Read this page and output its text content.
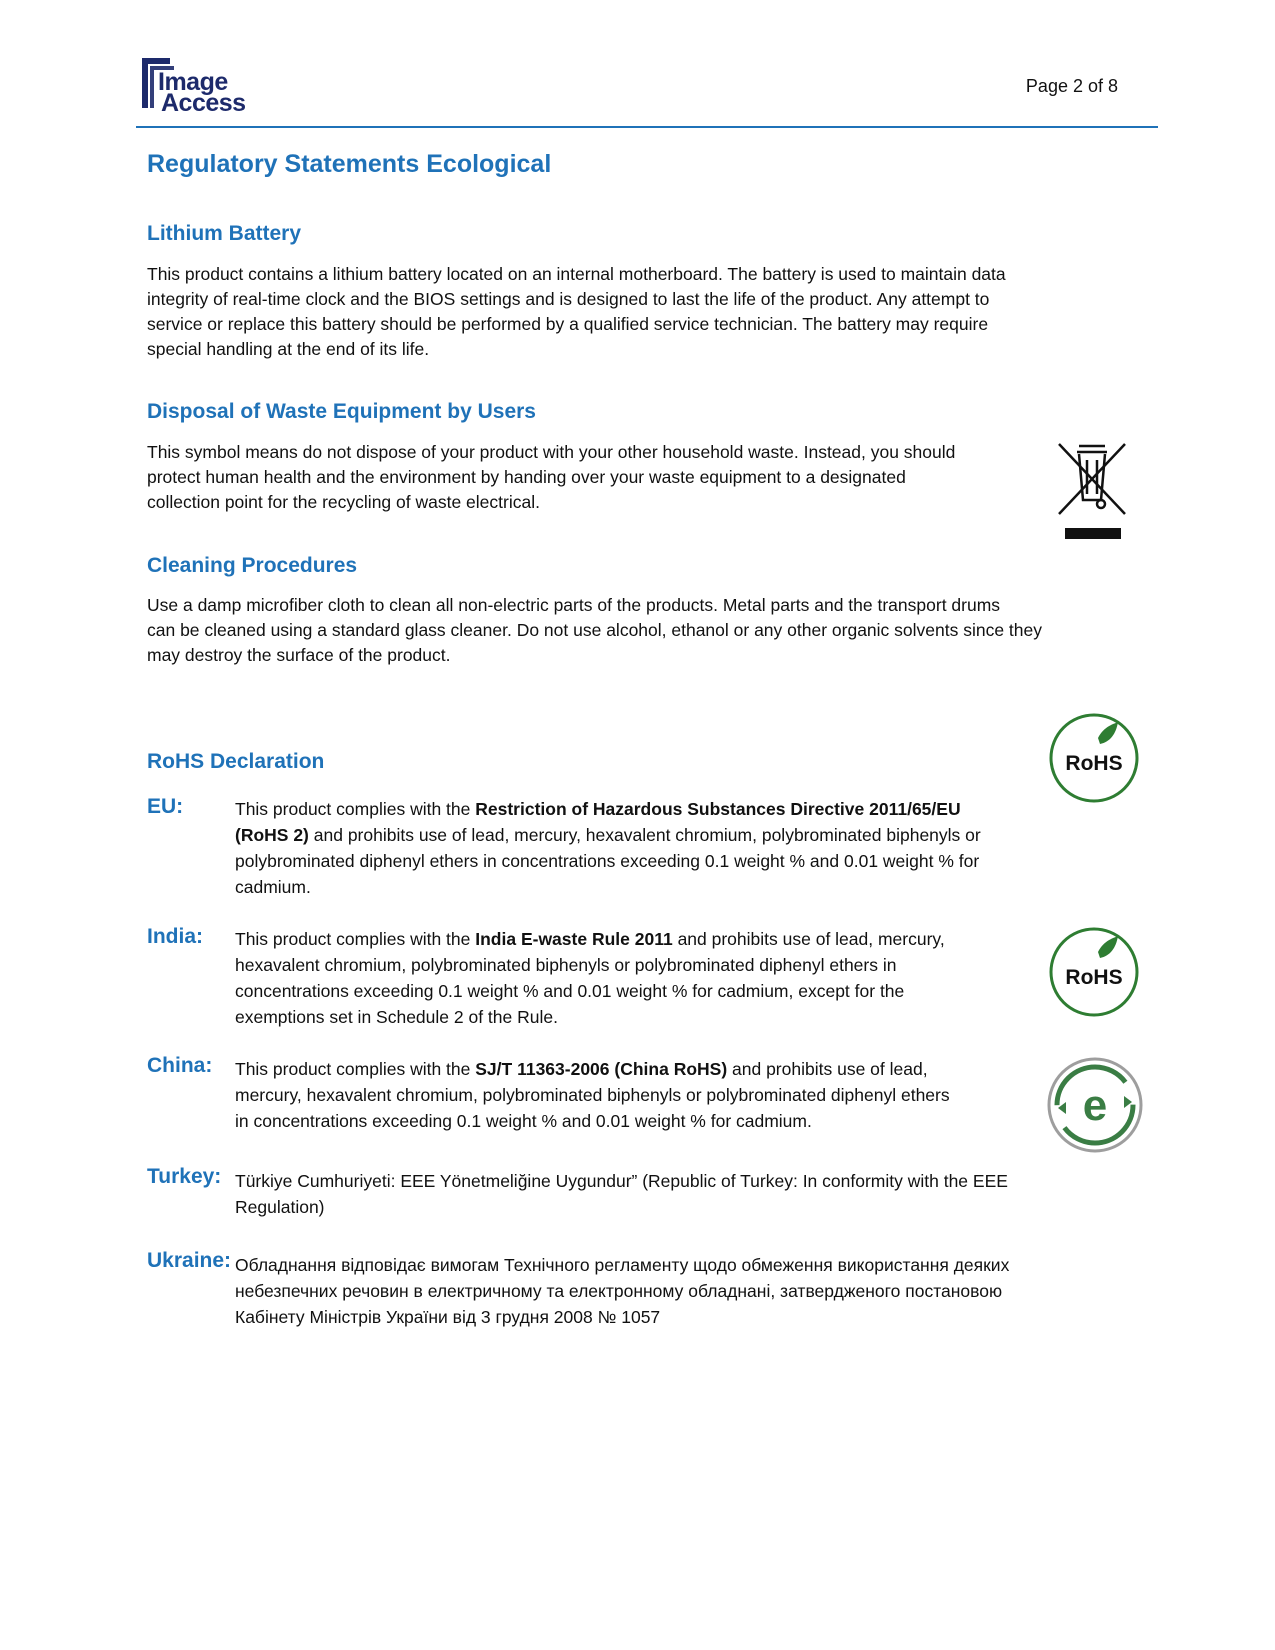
Image
Access
Page 2 of 8
Regulatory Statements Ecological
Lithium Battery

This product contains a lithium battery located on an internal motherboard. The battery is used to maintain data
integrity of real-time clock and the BIOS settings and is designed to last the life of the product. Any attempt to
service or replace this battery should be performed by a qualified service technician. The battery may require
special handling at the end of its life.

Disposal of Waste Equipment by Users

This symbol means do not dispose of your product with your other household waste. Instead, you should
protect human health and the environment by handing over your waste equipment to a designated
collection point for the recycling of waste electrical.

Cleaning Procedures

Use a damp microfiber cloth to clean all non-electric parts of the products. Metal parts and the transport drums
can be cleaned using a standard glass cleaner. Do not use alcohol, ethanol or any other organic solvents since they
may destroy the surface of the product.

RoHS Declaration	RoHS
EU:	This product complies with the Restriction of Hazardous Substances Directive 2011/65/EU
(RoHS 2) and prohibits use of lead, mercury, hexavalent chromium, polybrominated biphenyls or
polybrominated diphenyl ethers in concentrations exceeding 0.1 weight % and 0.01 weight % for
cadmium.

India: This product complies with the India E-waste Rule 2011 and prohibits use of lead, mercury,
hexavalent chromium, polybrominated biphenyls or polybrominated diphenyl ethers in
concentrations exceeding 0.1 weight % and 0.01 weight % for cadmium, except for the
exemptions set in Schedule 2 of the Rule.

RoHS
China: This product complies with the SJ/T 11363-2006 (China RoHS) and prohibits use of lead,
mercury, hexavalent chromium, polybrominated biphenyls or polybrominated diphenyl ethers
in concentrations exceeding 0.1 weight % and 0.01 weight % for cadmium.	e
Turkey: Türkiye Cumhuriyeti: EEE Yönetmeliğine Uygundur” (Republic of Turkey: In conformity with the EEE
Regulation)

Ukraine: Обладнання відповідає вимогам Технічного регламенту щодо обмеження використання деяких
небезпечних речовин в електричному та електронному обладнані, затвердженого постановою
Кабінету Міністрів України від 3 грудня 2008 № 1057
